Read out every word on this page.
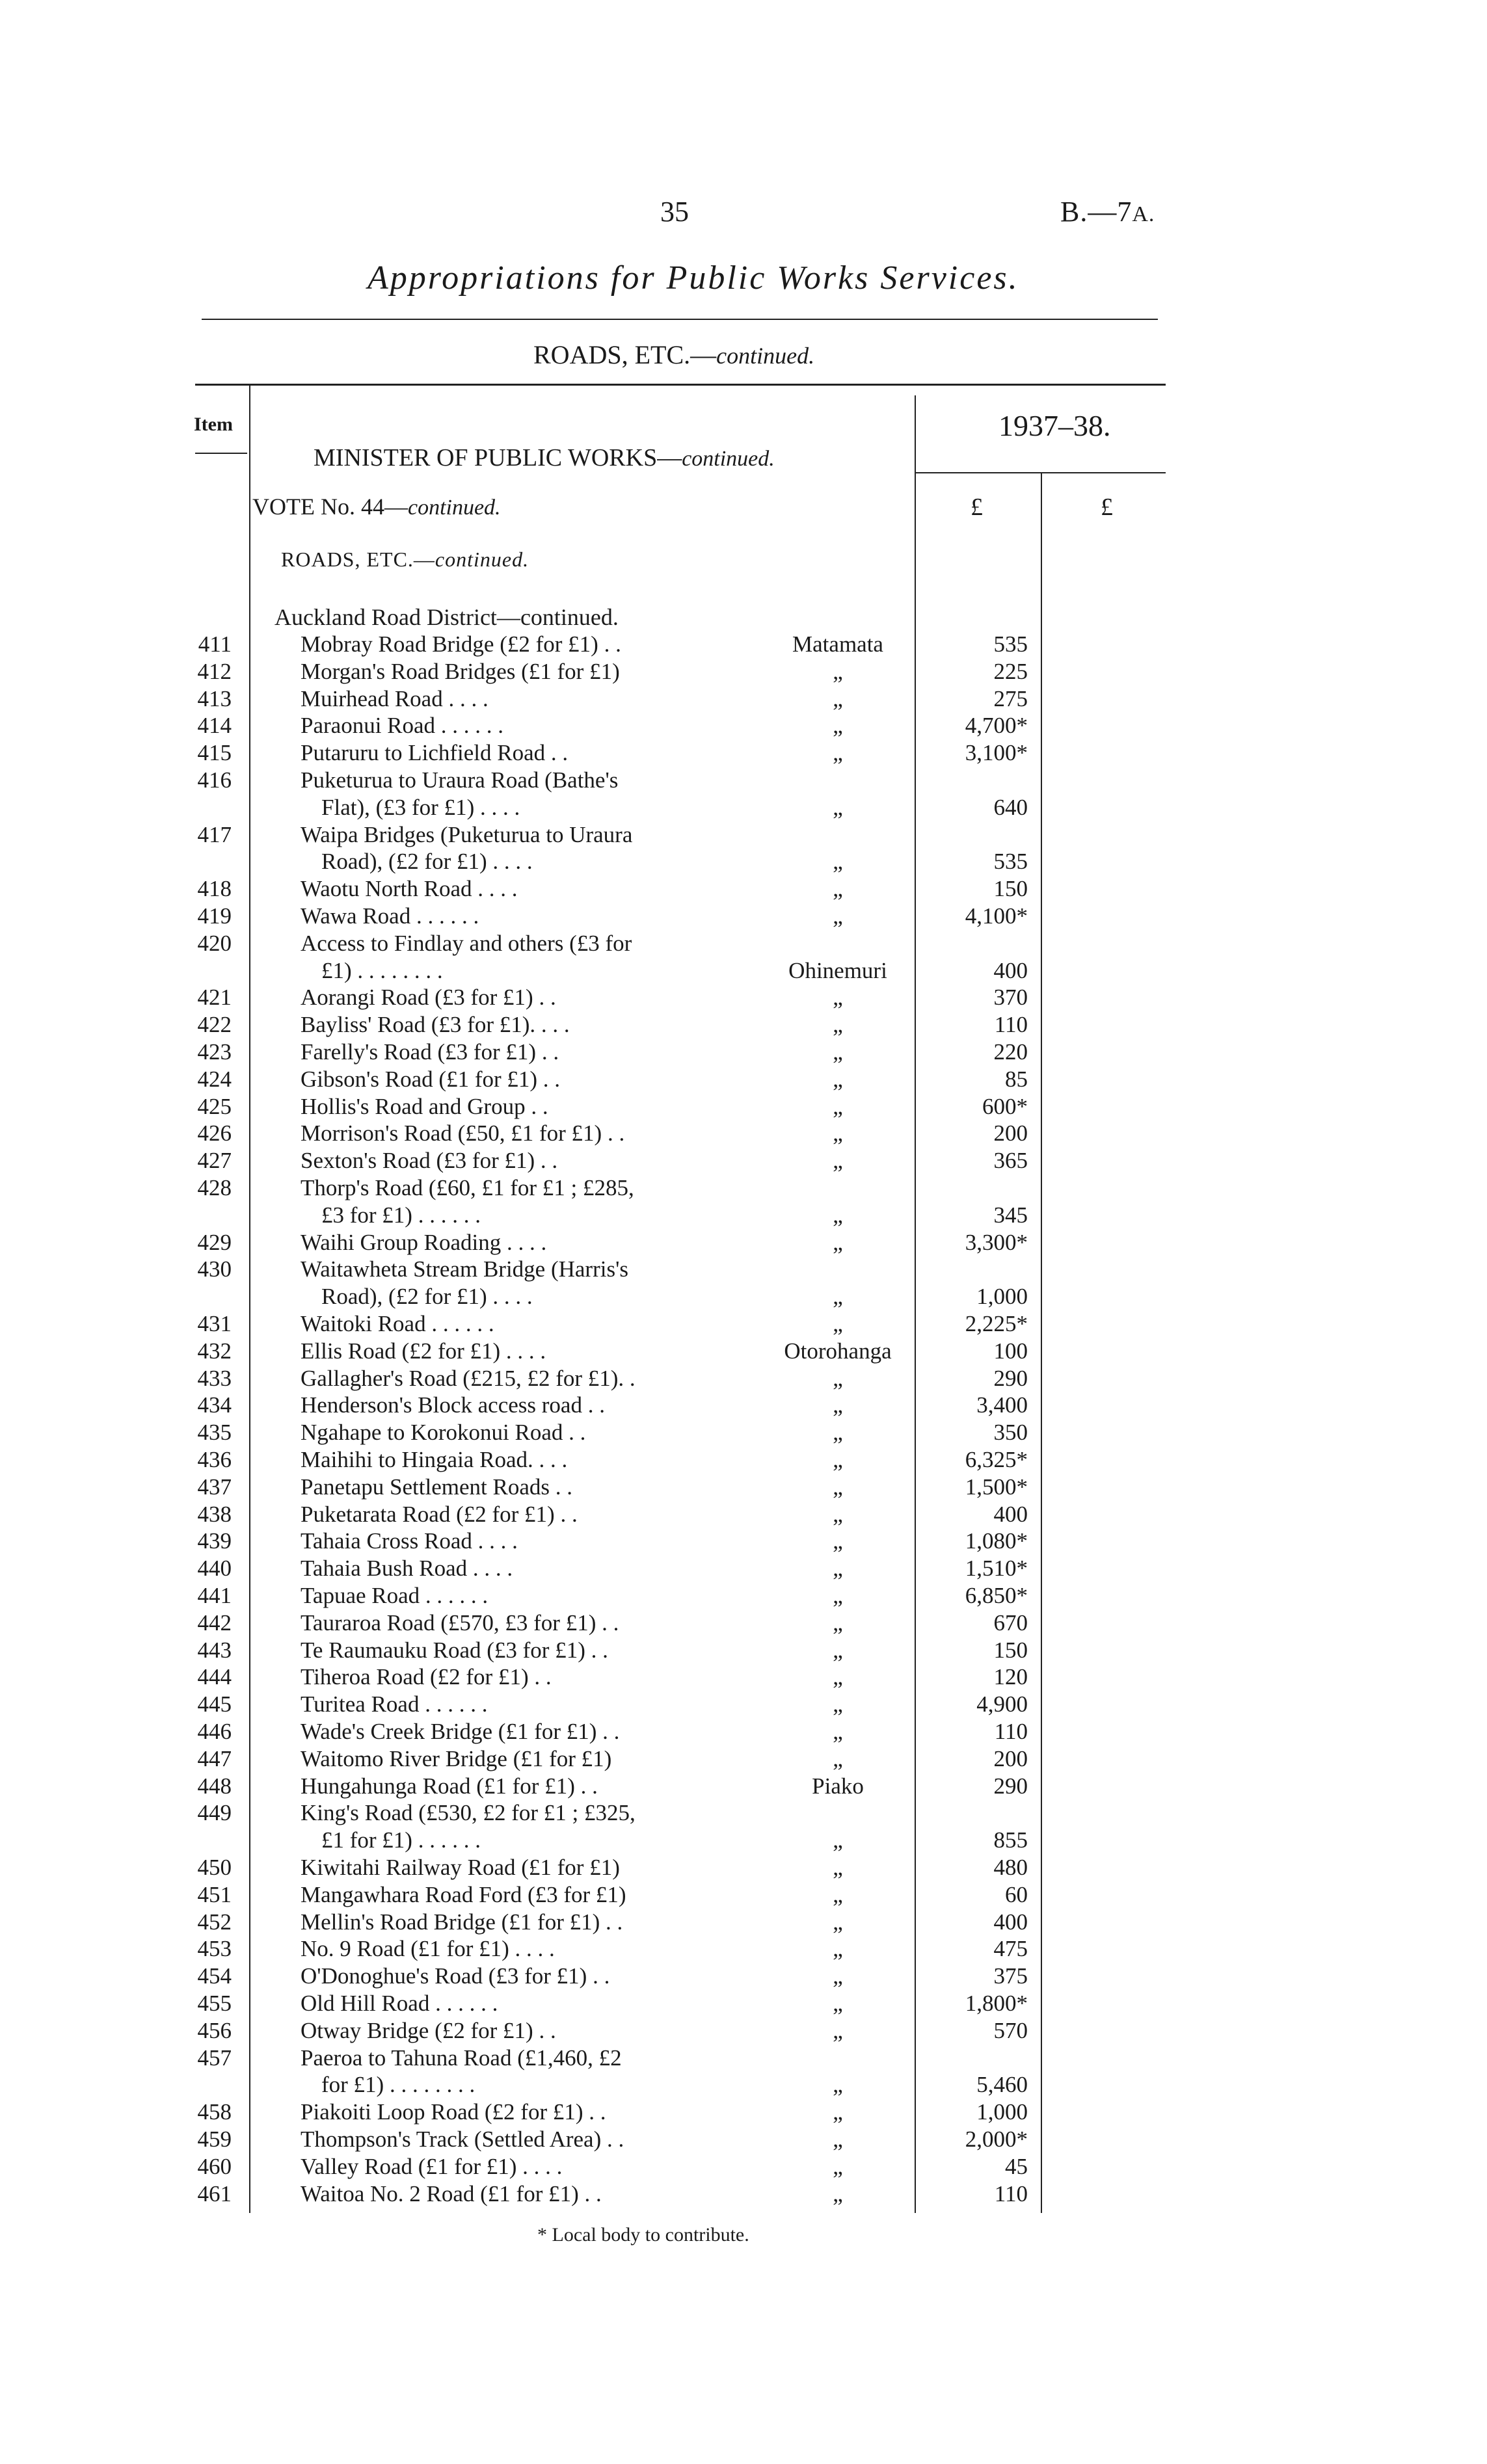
35	B.—7A.
Appropriations for Public Works Services.
ROADS, ETC.—continued.
Item	1937–38.
MINISTER OF PUBLIC WORKS—continued.
VOTE No. 44—continued.	£	£
ROADS, ETC.—continued.
Auckland Road District—continued.
411	Mobray Road Bridge (£2 for £1) . .	Matamata	535
412	Morgan's Road Bridges (£1 for £1)	„	225
413	Muirhead Road . . . .	„	275
414	Paraonui Road . . . . . .	„	4,700*
415	Putaruru to Lichfield Road . .	„	3,100*
416	Puketurua to Uraura Road (Bathe's
Flat), (£3 for £1) . . . .	„	640
417	Waipa Bridges (Puketurua to Uraura
Road), (£2 for £1) . . . .	„	535
418	Waotu North Road . . . .	„	150
419	Wawa Road . . . . . .	„	4,100*
420	Access to Findlay and others (£3 for
£1) . . . . . . . .	Ohinemuri	400
421	Aorangi Road (£3 for £1) . .	„	370
422	Bayliss' Road (£3 for £1). . . .	„	110
423	Farelly's Road (£3 for £1) . .	„	220
424	Gibson's Road (£1 for £1) . .	„	85
425	Hollis's Road and Group . .	„	600*
426	Morrison's Road (£50, £1 for £1) . .	„	200
427	Sexton's Road (£3 for £1) . .	„	365
428	Thorp's Road (£60, £1 for £1 ; £285,
£3 for £1) . . . . . .	„	345
429	Waihi Group Roading . . . .	„	3,300*
430	Waitawheta Stream Bridge (Harris's
Road), (£2 for £1) . . . .	„	1,000
431	Waitoki Road . . . . . .	„	2,225*
432	Ellis Road (£2 for £1) . . . .	Otorohanga	100
433	Gallagher's Road (£215, £2 for £1). .	„	290
434	Henderson's Block access road . .	„	3,400
435	Ngahape to Korokonui Road . .	„	350
436	Maihihi to Hingaia Road. . . .	„	6,325*
437	Panetapu Settlement Roads . .	„	1,500*
438	Puketarata Road (£2 for £1) . .	„	400
439	Tahaia Cross Road . . . .	„	1,080*
440	Tahaia Bush Road . . . .	„	1,510*
441	Tapuae Road . . . . . .	„	6,850*
442	Tauraroa Road (£570, £3 for £1) . .	„	670
443	Te Raumauku Road (£3 for £1) . .	„	150
444	Tiheroa Road (£2 for £1) . .	„	120
445	Turitea Road . . . . . .	„	4,900
446	Wade's Creek Bridge (£1 for £1) . .	„	110
447	Waitomo River Bridge (£1 for £1)	„	200
448	Hungahunga Road (£1 for £1) . .	Piako	290
449	King's Road (£530, £2 for £1 ; £325,
£1 for £1) . . . . . .	„	855
450	Kiwitahi Railway Road (£1 for £1)	„	480
451	Mangawhara Road Ford (£3 for £1)	„	60
452	Mellin's Road Bridge (£1 for £1) . .	„	400
453	No. 9 Road (£1 for £1) . . . .	„	475
454	O'Donoghue's Road (£3 for £1) . .	„	375
455	Old Hill Road . . . . . .	„	1,800*
456	Otway Bridge (£2 for £1) . .	„	570
457	Paeroa to Tahuna Road (£1,460, £2
for £1) . . . . . . . .	„	5,460
458	Piakoiti Loop Road (£2 for £1) . .	„	1,000
459	Thompson's Track (Settled Area) . .	„	2,000*
460	Valley Road (£1 for £1) . . . .	„	45
461	Waitoa No. 2 Road (£1 for £1) . .	„	110
* Local body to contribute.
